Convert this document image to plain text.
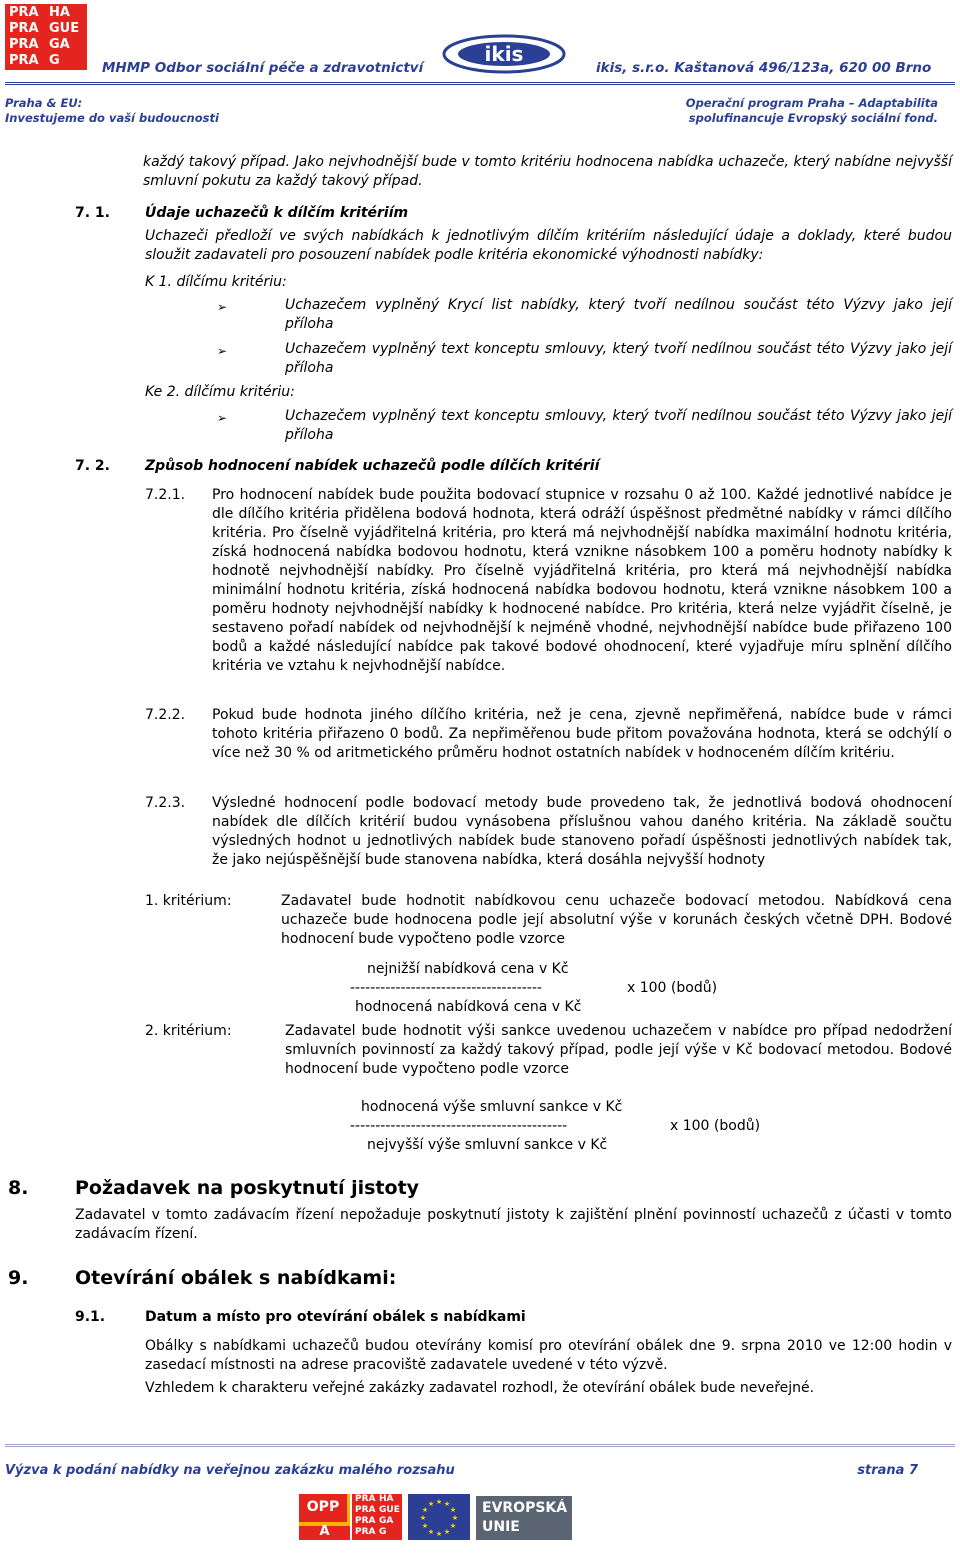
PRA HA
PRA GUE
PRA GA
PRA G	MHMP Odbor sociální péče a zdravotnictví
ikis
ikis, s.r.o. Kaštanová 496/123a, 620 00 Brno
Praha & EU:
Investujeme do vaší budoucnosti
Operační program Praha – Adaptabilita
spolufinancuje Evropský sociální fond.
každý takový případ. Jako nejvhodnější bude v tomto kritériu hodnocena nabídka uchazeče, který nabídne nejvyšší smluvní pokutu za každý takový případ.
7. 1.	Údaje uchazečů k dílčím kritériím
Uchazeči předloží ve svých nabídkách k jednotlivým dílčím kritériím následující údaje a doklady, které budou sloužit zadavateli pro posouzení nabídek podle kritéria ekonomické výhodnosti nabídky:
K 1. dílčímu kritériu:
➢	Uchazečem vyplněný Krycí list nabídky, který tvoří nedílnou součást této Výzvy jako její příloha
➢	Uchazečem vyplněný text konceptu smlouvy, který tvoří nedílnou součást této Výzvy jako její příloha
Ke 2. dílčímu kritériu:
➢	Uchazečem vyplněný text konceptu smlouvy, který tvoří nedílnou součást této Výzvy jako její příloha
7. 2.	Způsob hodnocení nabídek uchazečů podle dílčích kritérií
7.2.1. Pro hodnocení nabídek bude použita bodovací stupnice v rozsahu 0 až 100. Každé jednotlivé nabídce je dle dílčího kritéria přidělena bodová hodnota, která odráží úspěšnost předmětné nabídky v rámci dílčího kritéria. Pro číselně vyjádřitelná kritéria, pro která má nejvhodnější nabídka maximální hodnotu kritéria, získá hodnocená nabídka bodovou hodnotu, která vznikne násobkem 100 a poměru hodnoty nabídky k hodnotě nejvhodnější nabídky. Pro číselně vyjádřitelná kritéria, pro která má nejvhodnější nabídka minimální hodnotu kritéria, získá hodnocená nabídka bodovou hodnotu, která vznikne násobkem 100 a poměru hodnoty nejvhodnější nabídky k hodnocené nabídce. Pro kritéria, která nelze vyjádřit číselně, je sestaveno pořadí nabídek od nejvhodnější k nejméně vhodné, nejvhodnější nabídce bude přiřazeno 100 bodů a každé následující nabídce pak takové bodové ohodnocení, které vyjadřuje míru splnění dílčího kritéria ve vztahu k nejvhodnější nabídce.
7.2.2. Pokud bude hodnota jiného dílčího kritéria, než je cena, zjevně nepřiměřená, nabídce bude v rámci tohoto kritéria přiřazeno 0 bodů. Za nepřiměřenou bude přitom považována hodnota, která se odchýlí o více než 30 % od aritmetického průměru hodnot ostatních nabídek v hodnoceném dílčím kritériu.
7.2.3. Výsledné hodnocení podle bodovací metody bude provedeno tak, že jednotlivá bodová ohodnocení nabídek dle dílčích kritérií budou vynásobena příslušnou vahou daného kritéria. Na základě součtu výsledných hodnot u jednotlivých nabídek bude stanoveno pořadí úspěšnosti jednotlivých nabídek tak, že jako nejúspěšnější bude stanovena nabídka, která dosáhla nejvyšší hodnoty
1. kritérium:	Zadavatel bude hodnotit nabídkovou cenu uchazeče bodovací metodou. Nabídková cena uchazeče bude hodnocena podle její absolutní výše v korunách českých včetně DPH. Bodové hodnocení bude vypočteno podle vzorce
nejnižší nabídková cena v Kč
--------------------------------------	x 100 (bodů)
hodnocená nabídková cena v Kč
2. kritérium:	Zadavatel bude hodnotit výši sankce uvedenou uchazečem v nabídce pro případ nedodržení smluvních povinností za každý takový případ, podle její výše v Kč bodovací metodou. Bodové hodnocení bude vypočteno podle vzorce
hodnocená výše smluvní sankce v Kč
-------------------------------------------	x 100 (bodů)
nejvyšší výše smluvní sankce v Kč
8. Požadavek na poskytnutí jistoty
Zadavatel v tomto zadávacím řízení nepožaduje poskytnutí jistoty k zajištění plnění povinností uchazečů z účasti v tomto zadávacím řízení.
9. Otevírání obálek s nabídkami:
9.1.	Datum a místo pro otevírání obálek s nabídkami
Obálky s nabídkami uchazečů budou otevírány komisí pro otevírání obálek dne 9. srpna 2010 ve 12:00 hodin v zasedací místnosti na adrese pracoviště zadavatele uvedené v této výzvě.
Vzhledem k charakteru veřejné zakázky zadavatel rozhodl, že otevírání obálek bude neveřejné.
Výzva k podání nabídky na veřejnou zakázku malého rozsahu	strana 7
OPP
A
PRA HA
PRA GUE
PRA GA
PRA G
★ ★
★
★
★
★
★
★
★
★
★
★	EVROPSKÁ
UNIE
